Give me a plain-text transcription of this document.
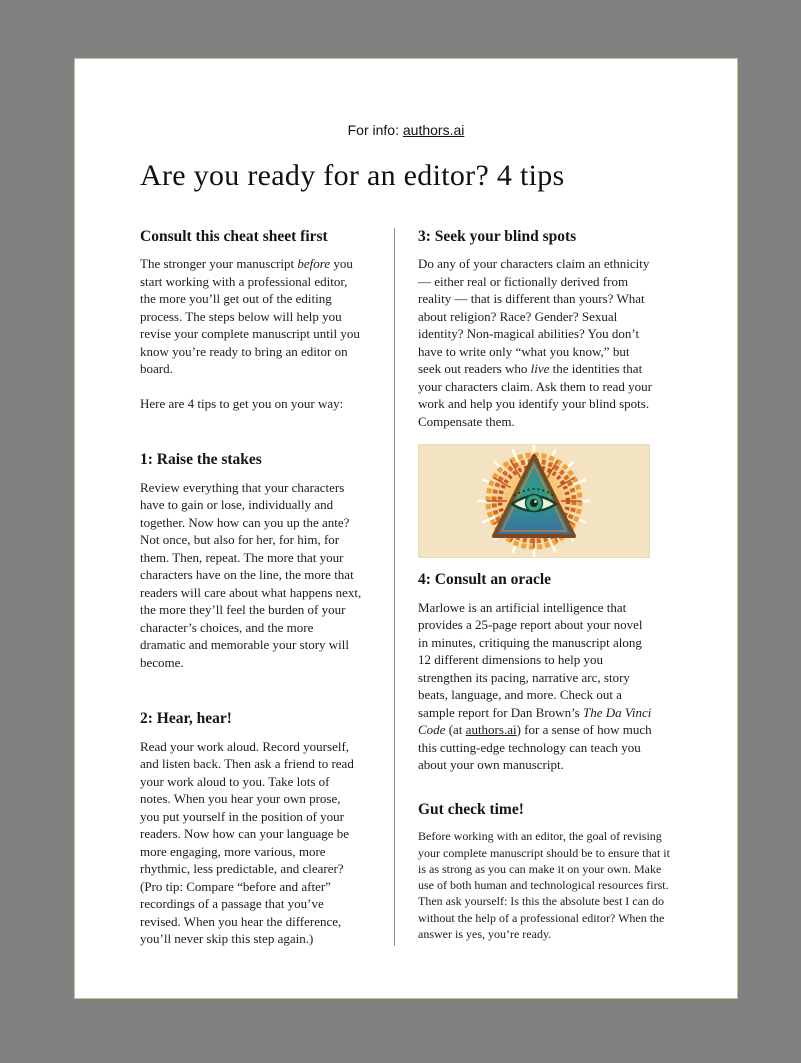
For info: authors.ai
Are you ready for an editor? 4 tips
Consult this cheat sheet first

The stronger your manuscript before you start working with a professional editor, the more you’ll get out of the editing process. The steps below will help you revise your complete manuscript until you know you’re ready to bring an editor on board.

Here are 4 tips to get you on your way:

1: Raise the stakes

Review everything that your characters have to gain or lose, individually and together. Now how can you up the ante? Not once, but also for her, for him, for them. Then, repeat. The more that your characters have on the line, the more that readers will care about what happens next, the more they’ll feel the burden of your character’s choices, and the more dramatic and memorable your story will become.

2: Hear, hear!

Read your work aloud. Record yourself, and listen back. Then ask a friend to read your work aloud to you. Take lots of notes. When you hear your own prose, you put yourself in the position of your readers. Now how can your language be more engaging, more various, more rhythmic, less predictable, and clearer? (Pro tip: Compare “before and after” recordings of a passage that you’ve revised. When you hear the difference, you’ll never skip this step again.)

3: Seek your blind spots

Do any of your characters claim an ethnicity — either real or fictionally derived from reality — that is different than yours? What about religion? Race? Gender? Sexual identity? Non-magical abilities? You don’t have to write only “what you know,” but seek out readers who live the identities that your characters claim. Ask them to read your work and help you identify your blind spots. Compensate them.

4: Consult an oracle

Marlowe is an artificial intelligence that provides a 25-page report about your novel in minutes, critiquing the manuscript along 12 different dimensions to help you strengthen its pacing, narrative arc, story beats, language, and more. Check out a sample report for Dan Brown’s The Da Vinci Code (at authors.ai) for a sense of how much this cutting-edge technology can teach you about your own manuscript.

Gut check time!

Before working with an editor, the goal of revising your complete manuscript should be to ensure that it is as strong as you can make it on your own. Make use of both human and technological resources first. Then ask yourself: Is this the absolute best I can do without the help of a professional editor? When the answer is yes, you’re ready.
